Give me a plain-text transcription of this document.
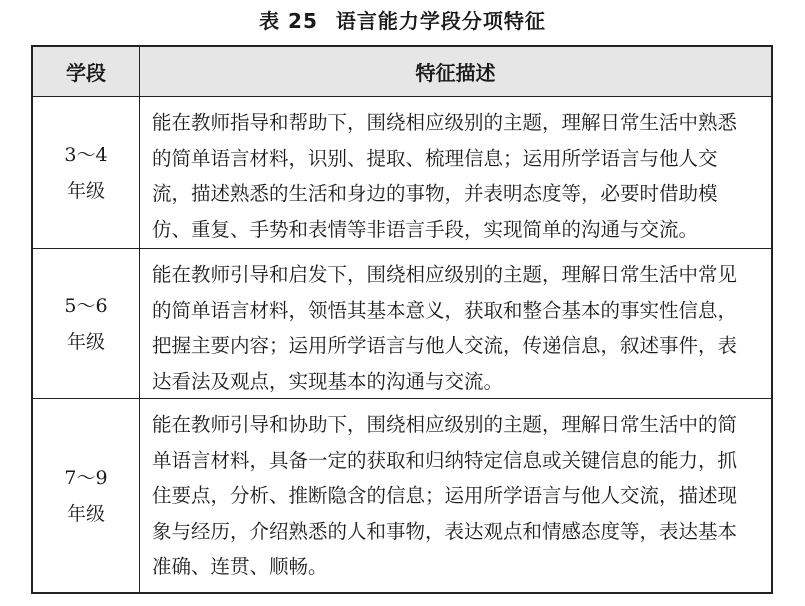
表 25 语言能力学段分项特征
学段	特征描述
3～4
年级
能在教师指导和帮助下，围绕相应级别的主题，理解日常生活中熟悉
的简单语言材料，识别、提取、梳理信息；运用所学语言与他人交
流，描述熟悉的生活和身边的事物，并表明态度等，必要时借助模
仿、重复、手势和表情等非语言手段，实现简单的沟通与交流。
5～6
年级
能在教师引导和启发下，围绕相应级别的主题，理解日常生活中常见
的简单语言材料，领悟其基本意义，获取和整合基本的事实性信息，
把握主要内容；运用所学语言与他人交流，传递信息，叙述事件，表
达看法及观点，实现基本的沟通与交流。
7～9
年级
能在教师引导和协助下，围绕相应级别的主题，理解日常生活中的简
单语言材料，具备一定的获取和归纳特定信息或关键信息的能力，抓
住要点，分析、推断隐含的信息；运用所学语言与他人交流，描述现
象与经历，介绍熟悉的人和事物，表达观点和情感态度等，表达基本
准确、连贯、顺畅。
